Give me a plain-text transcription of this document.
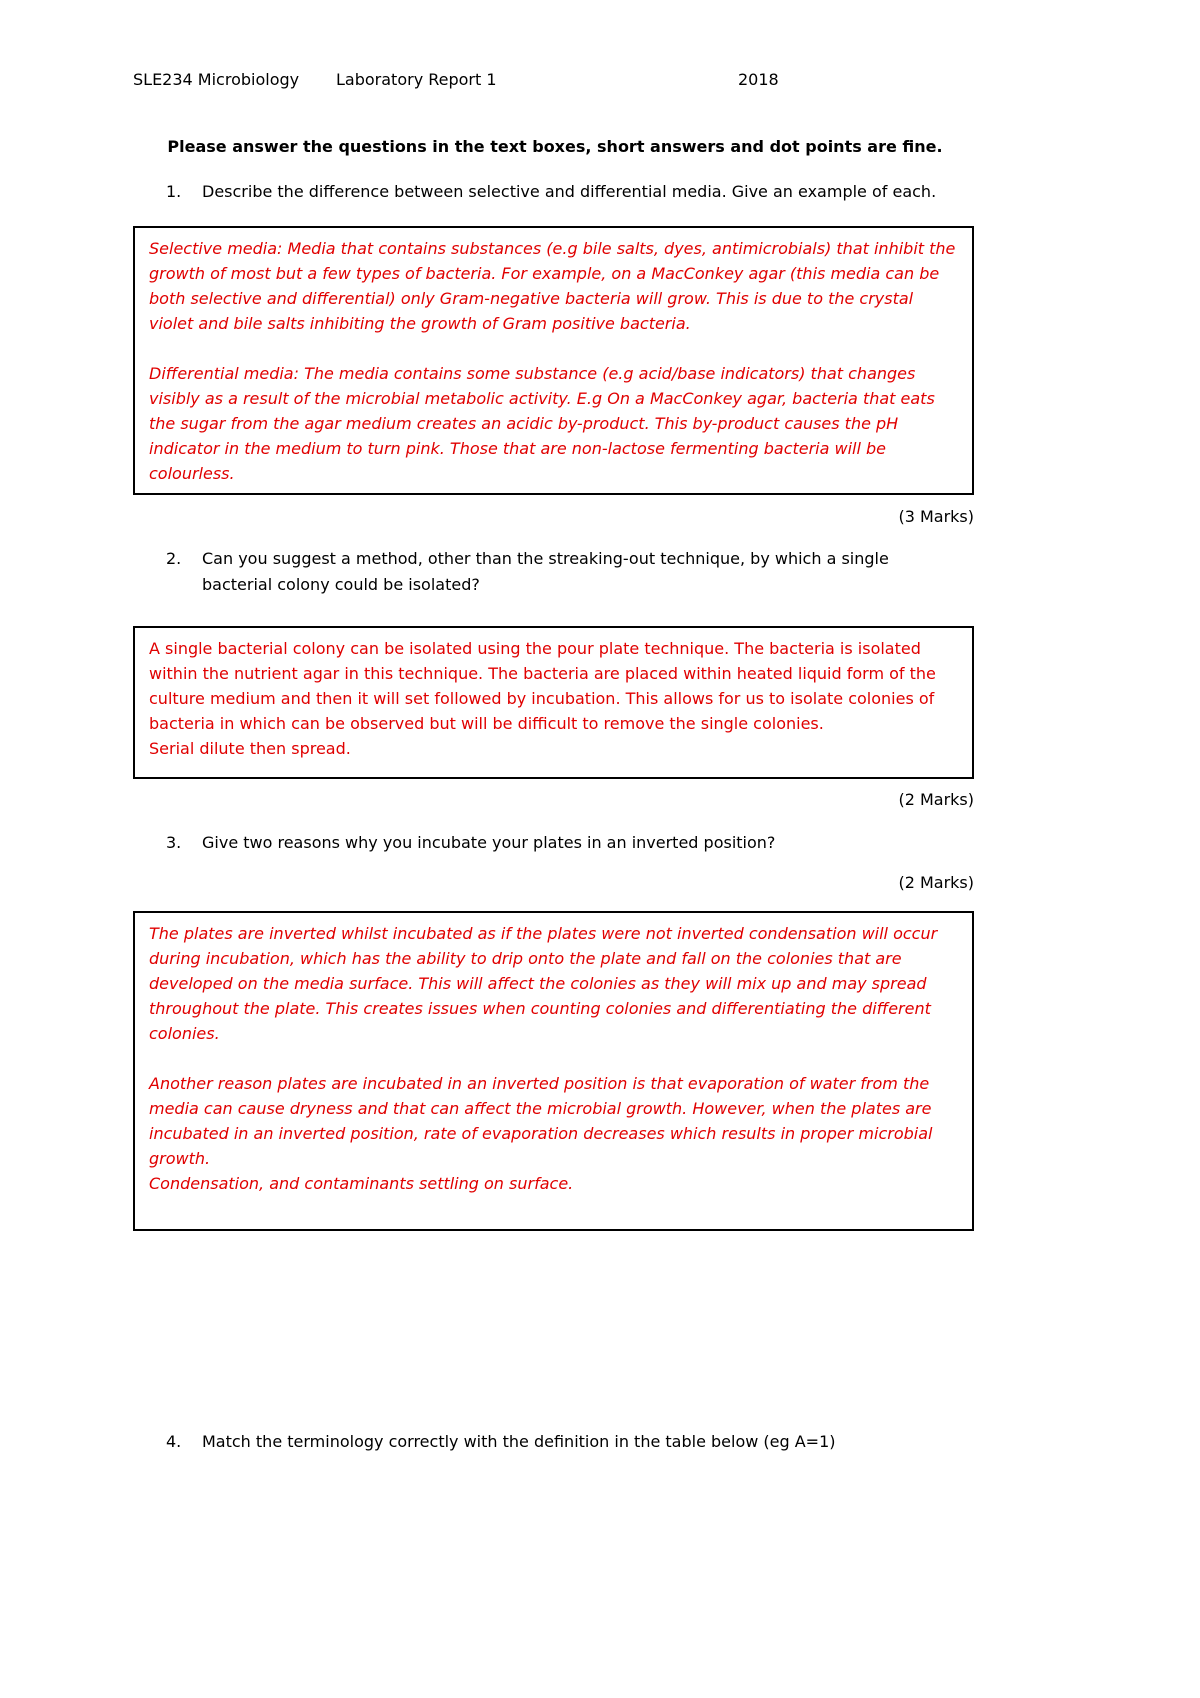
SLE234 Microbiology Laboratory Report 1	2018
Please answer the questions in the text boxes, short answers and dot points are fine.
1. Describe the difference between selective and differential media. Give an example of each.

Selective media: Media that contains substances (e.g bile salts, dyes, antimicrobials) that inhibit the growth of most but a few types of bacteria. For example, on a MacConkey agar (this media can be both selective and differential) only Gram-negative bacteria will grow. This is due to the crystal violet and bile salts inhibiting the growth of Gram positive bacteria.

Differential media: The media contains some substance (e.g acid/base indicators) that changes visibly as a result of the microbial metabolic activity. E.g On a MacConkey agar, bacteria that eats the sugar from the agar medium creates an acidic by-product. This by-product causes the pH indicator in the medium to turn pink. Those that are non-lactose fermenting bacteria will be colourless.

(3 Marks)
2. Can you suggest a method, other than the streaking-out technique, by which a single bacterial colony could be isolated?

A single bacterial colony can be isolated using the pour plate technique. The bacteria is isolated within the nutrient agar in this technique. The bacteria are placed within heated liquid form of the culture medium and then it will set followed by incubation. This allows for us to isolate colonies of bacteria in which can be observed but will be difficult to remove the single colonies.

Serial dilute then spread.

(2 Marks)
3. Give two reasons why you incubate your plates in an inverted position?
(2 Marks)

The plates are inverted whilst incubated as if the plates were not inverted condensation will occur during incubation, which has the ability to drip onto the plate and fall on the colonies that are developed on the media surface. This will affect the colonies as they will mix up and may spread throughout the plate. This creates issues when counting colonies and differentiating the different colonies.

Another reason plates are incubated in an inverted position is that evaporation of water from the media can cause dryness and that can affect the microbial growth. However, when the plates are incubated in an inverted position, rate of evaporation decreases which results in proper microbial growth.

Condensation, and contaminants settling on surface.

4. Match the terminology correctly with the definition in the table below (eg A=1)
